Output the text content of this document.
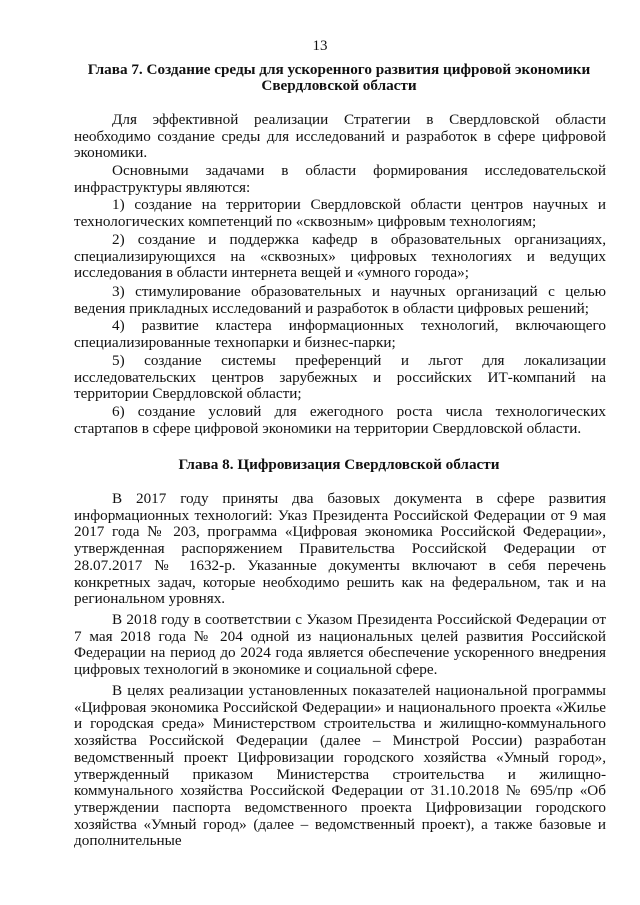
13
Глава 7. Создание среды для ускоренного развития цифровой экономики Свердловской области
Для эффективной реализации Стратегии в Свердловской области необходимо создание среды для исследований и разработок в сфере цифровой экономики.
Основными задачами в области формирования исследовательской инфраструктуры являются:
1) создание на территории Свердловской области центров научных и технологических компетенций по «сквозным» цифровым технологиям;
2) создание и поддержка кафедр в образовательных организациях, специализирующихся на «сквозных» цифровых технологиях и ведущих исследования в области интернета вещей и «умного города»;
3) стимулирование образовательных и научных организаций с целью ведения прикладных исследований и разработок в области цифровых решений;
4) развитие кластера информационных технологий, включающего специализированные технопарки и бизнес-парки;
5) создание системы преференций и льгот для локализации исследовательских центров зарубежных и российских ИТ-компаний на территории Свердловской области;
6) создание условий для ежегодного роста числа технологических стартапов в сфере цифровой экономики на территории Свердловской области.
Глава 8. Цифровизация Свердловской области
В 2017 году приняты два базовых документа в сфере развития информационных технологий: Указ Президента Российской Федерации от 9 мая 2017 года № 203, программа «Цифровая экономика Российской Федерации», утвержденная распоряжением Правительства Российской Федерации от 28.07.2017 № 1632-р. Указанные документы включают в себя перечень конкретных задач, которые необходимо решить как на федеральном, так и на региональном уровнях.
В 2018 году в соответствии с Указом Президента Российской Федерации от 7 мая 2018 года № 204 одной из национальных целей развития Российской Федерации на период до 2024 года является обеспечение ускоренного внедрения цифровых технологий в экономике и социальной сфере.
В целях реализации установленных показателей национальной программы «Цифровая экономика Российской Федерации» и национального проекта «Жилье и городская среда» Министерством строительства и жилищно-коммунального хозяйства Российской Федерации (далее – Минстрой России) разработан ведомственный проект Цифровизации городского хозяйства «Умный город», утвержденный приказом Министерства строительства и жилищно-коммунального хозяйства Российской Федерации от 31.10.2018 № 695/пр «Об утверждении паспорта ведомственного проекта Цифровизации городского хозяйства «Умный город» (далее – ведомственный проект), а также базовые и дополнительные
